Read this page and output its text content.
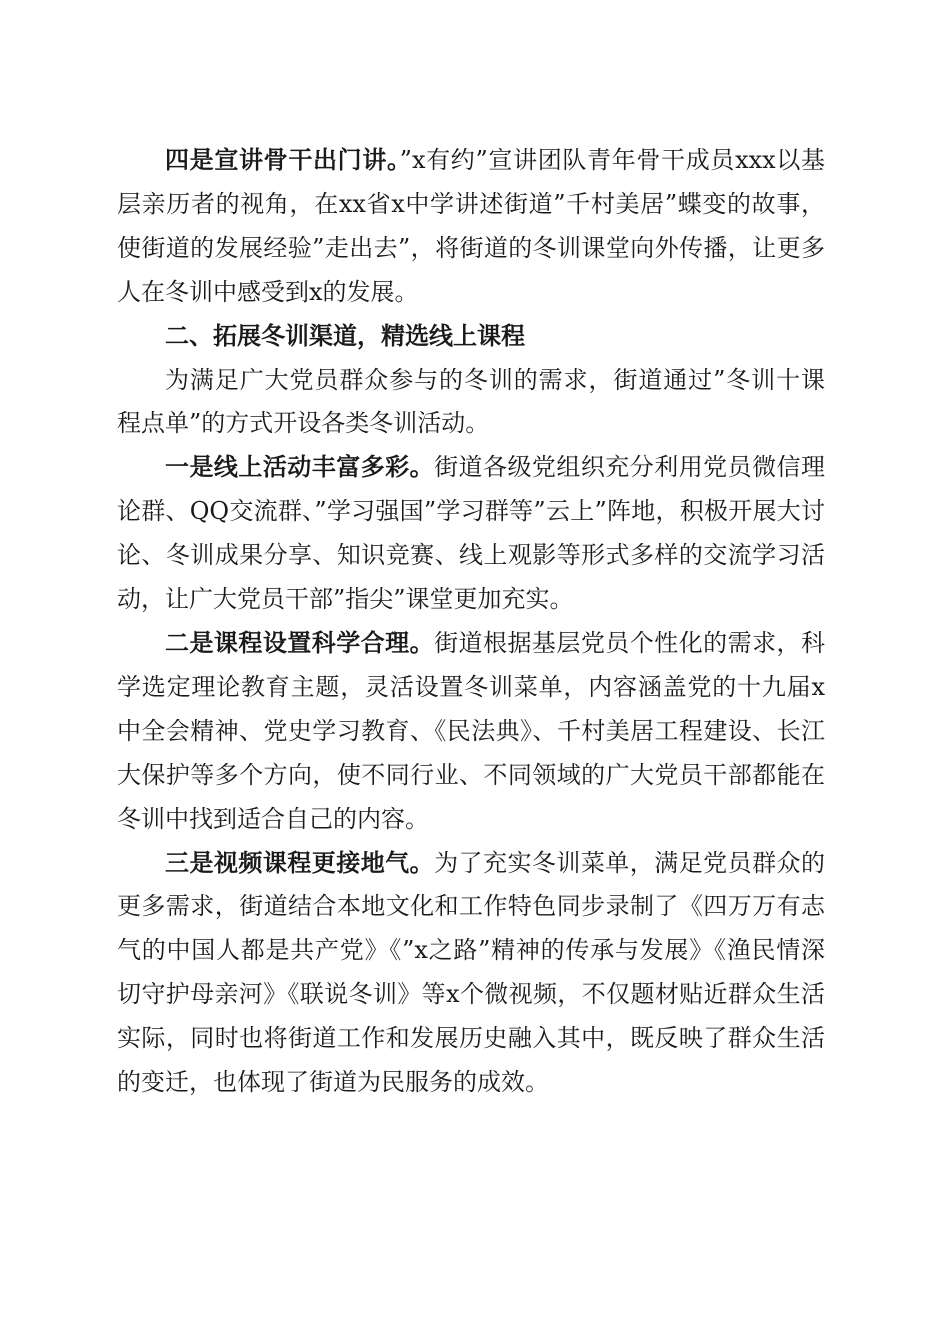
四是宣讲骨干出门讲。”x有约”宣讲团队青年骨干成员xxx以基层亲历者的视角，在xx省x中学讲述街道”千村美居”蝶变的故事，使街道的发展经验”走出去”，将街道的冬训课堂向外传播，让更多人在冬训中感受到x的发展。

二、拓展冬训渠道，精选线上课程

为满足广大党员群众参与的冬训的需求，街道通过”冬训十课程点单”的方式开设各类冬训活动。

一是线上活动丰富多彩。街道各级党组织充分利用党员微信理论群、QQ交流群、”学习强国”学习群等”云上”阵地，积极开展大讨论、冬训成果分享、知识竞赛、线上观影等形式多样的交流学习活动，让广大党员干部”指尖”课堂更加充实。

二是课程设置科学合理。街道根据基层党员个性化的需求，科学选定理论教育主题，灵活设置冬训菜单，内容涵盖党的十九届x中全会精神、党史学习教育、《民法典》、千村美居工程建设、长江大保护等多个方向，使不同行业、不同领域的广大党员干部都能在冬训中找到适合自己的内容。

三是视频课程更接地气。为了充实冬训菜单，满足党员群众的更多需求，街道结合本地文化和工作特色同步录制了《四万万有志气的中国人都是共产党》《”x之路”精神的传承与发展》《渔民情深切守护母亲河》《联说冬训》等x个微视频，不仅题材贴近群众生活实际，同时也将街道工作和发展历史融入其中，既反映了群众生活的变迁，也体现了街道为民服务的成效。
